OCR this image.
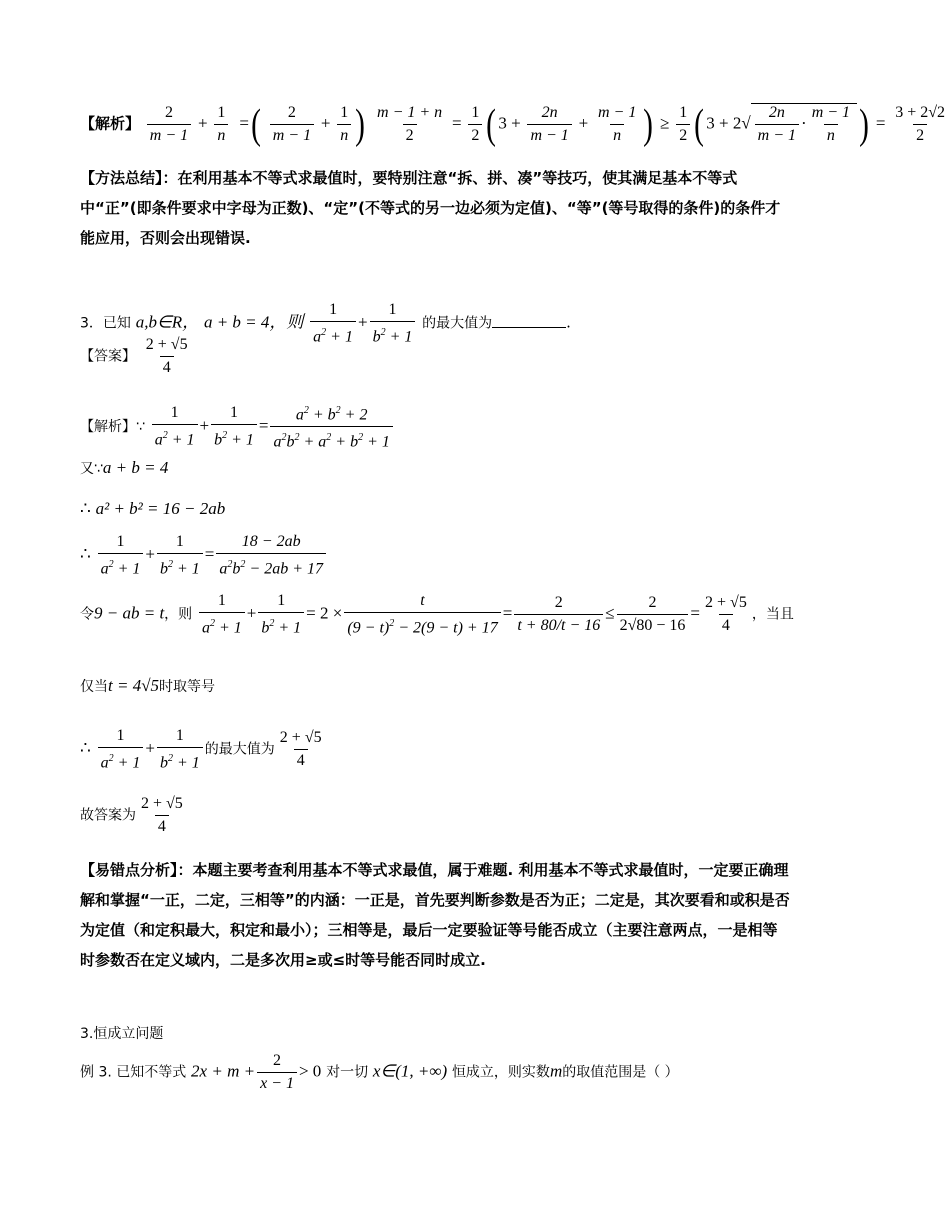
【解析】 $\frac{2}{m - 1} + \frac{1}{n}$ =( $\frac{2}{m - 1} + \frac{1}{n}$ ) $\frac{m - 1 + n}{2} = \frac{1}{2}$ ( $3 + \frac{2n}{m - 1} + \frac{m - 1}{n}$ ) ≥ $\frac{1}{2}$ ( $3 + 2√ \frac{2n}{m - 1} \cdot \frac{m - 1}{n}$ ) = $\frac{3 + 2√2}{2}$
【方法总结】：在利用基本不等式求最值时，要特别注意“拆、拼、凑”等技巧，使其满足基本不等式中“正”(即条件要求中字母为正数)、“定”(不等式的另一边必须为定值)、“等”(等号取得的条件)的条件才能应用，否则会出现错误.
3．已知 a,b∈R， a + b = 4，则 $\frac{1}{a^2 + 1} + \frac{1}{b^2 + 1}$ 的最大值为	.
【答案】 $\frac{2 + √5}{4}$
【解析】∵ $\frac{1}{a^2 + 1} + \frac{1}{b^2 + 1} = \frac{a^2 + b^2 + 2}{a^2b^2 + a^2 + b^2 + 1}$
又∵a + b = 4
∴ a² + b² = 16 − 2ab
∴ $\frac{1}{a^2 + 1} + \frac{1}{b^2 + 1} = \frac{18 - 2ab}{a^2b^2 - 2ab + 17}$
令9 − ab = t，则 $\frac{1}{a^2 + 1} + \frac{1}{b^2 + 1} = 2 \times \frac{t}{(9 - t)^2 - 2(9 - t) + 17} = \frac{2}{t + 80/t - 16} \le \frac{2}{2√80 - 16} = \frac{2 + √5}{4}$ ，当且
仅当t = 4√5时取等号
∴ $\frac{1}{a^2 + 1} + \frac{1}{b^2 + 1}$ 的最大值为 $\frac{2 + √5}{4}$
故答案为 $\frac{2 + √5}{4}$
【易错点分析】：本题主要考查利用基本不等式求最值，属于难题. 利用基本不等式求最值时，一定要正确理解和掌握“一正，二定，三相等”的内涵：一正是，首先要判断参数是否为正；二定是，其次要看和或积是否为定值（和定积最大，积定和最小）；三相等是，最后一定要验证等号能否成立（主要注意两点，一是相等时参数否在定义域内，二是多次用≥或≤时等号能否同时成立.
3.恒成立问题
例 3. 已知不等式 $2x + m + \frac{2}{x - 1} > 0$ 对一切 x∈(1, +∞) 恒成立，则实数m的取值范围是（ ）
